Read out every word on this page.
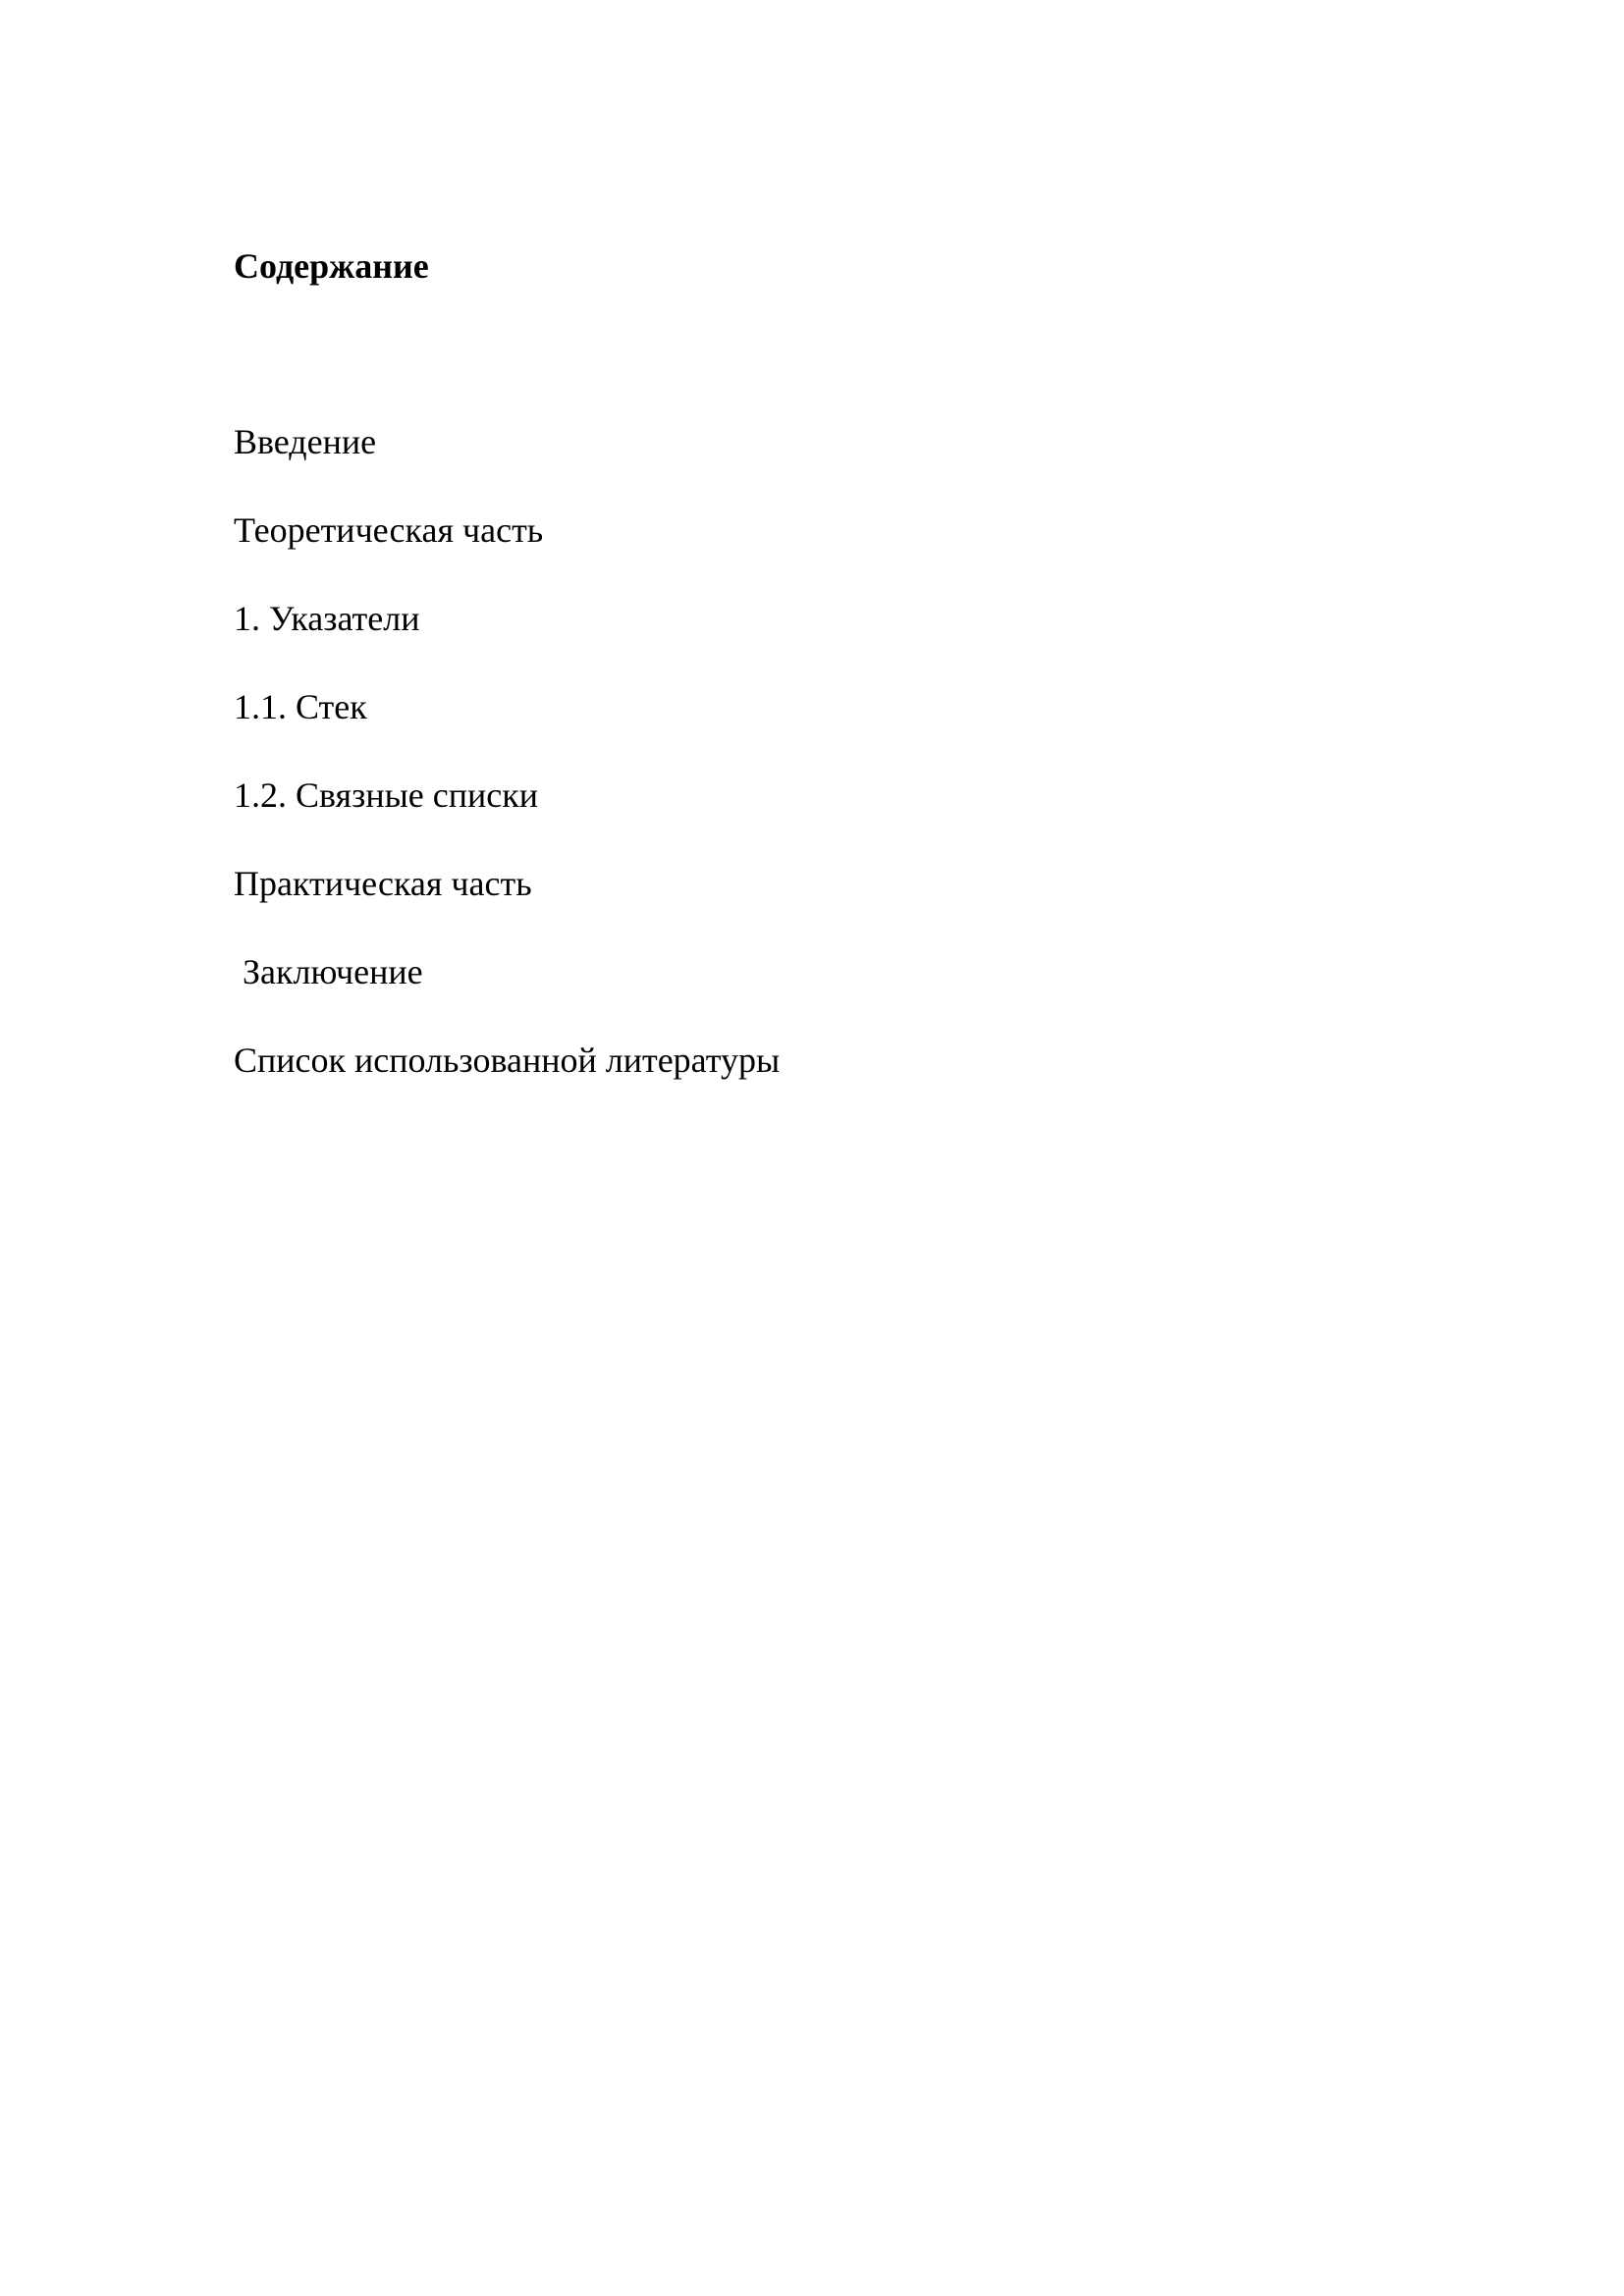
Содержание
Введение
Теоретическая часть
1. Указатели
1.1. Стек
1.2. Связные списки
Практическая часть
Заключение
Список использованной литературы
